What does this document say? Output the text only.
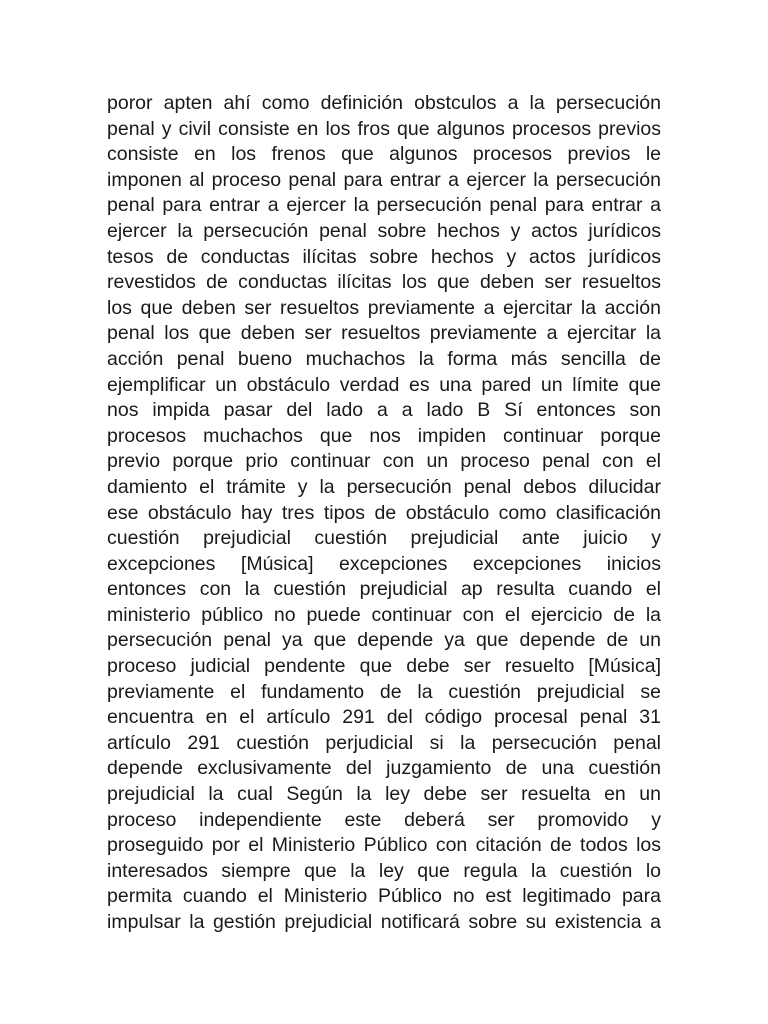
poror apten ahí como definición obstculos a la persecución
penal y civil consiste en los fros que algunos procesos previos
consiste en los frenos que algunos procesos previos le
imponen al proceso penal para entrar a ejercer la persecución
penal para entrar a ejercer la persecución penal para entrar a
ejercer la persecución penal sobre hechos y actos jurídicos
tesos de conductas ilícitas sobre hechos y actos jurídicos
revestidos de conductas ilícitas los que deben ser resueltos
los que deben ser resueltos previamente a ejercitar la acción
penal los que deben ser resueltos previamente a ejercitar la
acción penal bueno muchachos la forma más sencilla de
ejemplificar un obstáculo verdad es una pared un límite que
nos impida pasar del lado a a lado B Sí entonces son
procesos muchachos que nos impiden continuar porque
previo porque prio continuar con un proceso penal con el
damiento el trámite y la persecución penal debos dilucidar
ese obstáculo hay tres tipos de obstáculo como clasificación
cuestión prejudicial cuestión prejudicial ante juicio y
excepciones [Música] excepciones excepciones inicios
entonces con la cuestión prejudicial ap resulta cuando el
ministerio público no puede continuar con el ejercicio de la
persecución penal ya que depende ya que depende de un
proceso judicial pendente que debe ser resuelto [Música]
previamente el fundamento de la cuestión prejudicial se
encuentra en el artículo 291 del código procesal penal 31
artículo 291 cuestión perjudicial si la persecución penal
depende exclusivamente del juzgamiento de una cuestión
prejudicial la cual Según la ley debe ser resuelta en un
proceso independiente este deberá ser promovido y
proseguido por el Ministerio Público con citación de todos los
interesados siempre que la ley que regula la cuestión lo
permita cuando el Ministerio Público no est legitimado para
impulsar la gestión prejudicial notificará sobre su existencia a
